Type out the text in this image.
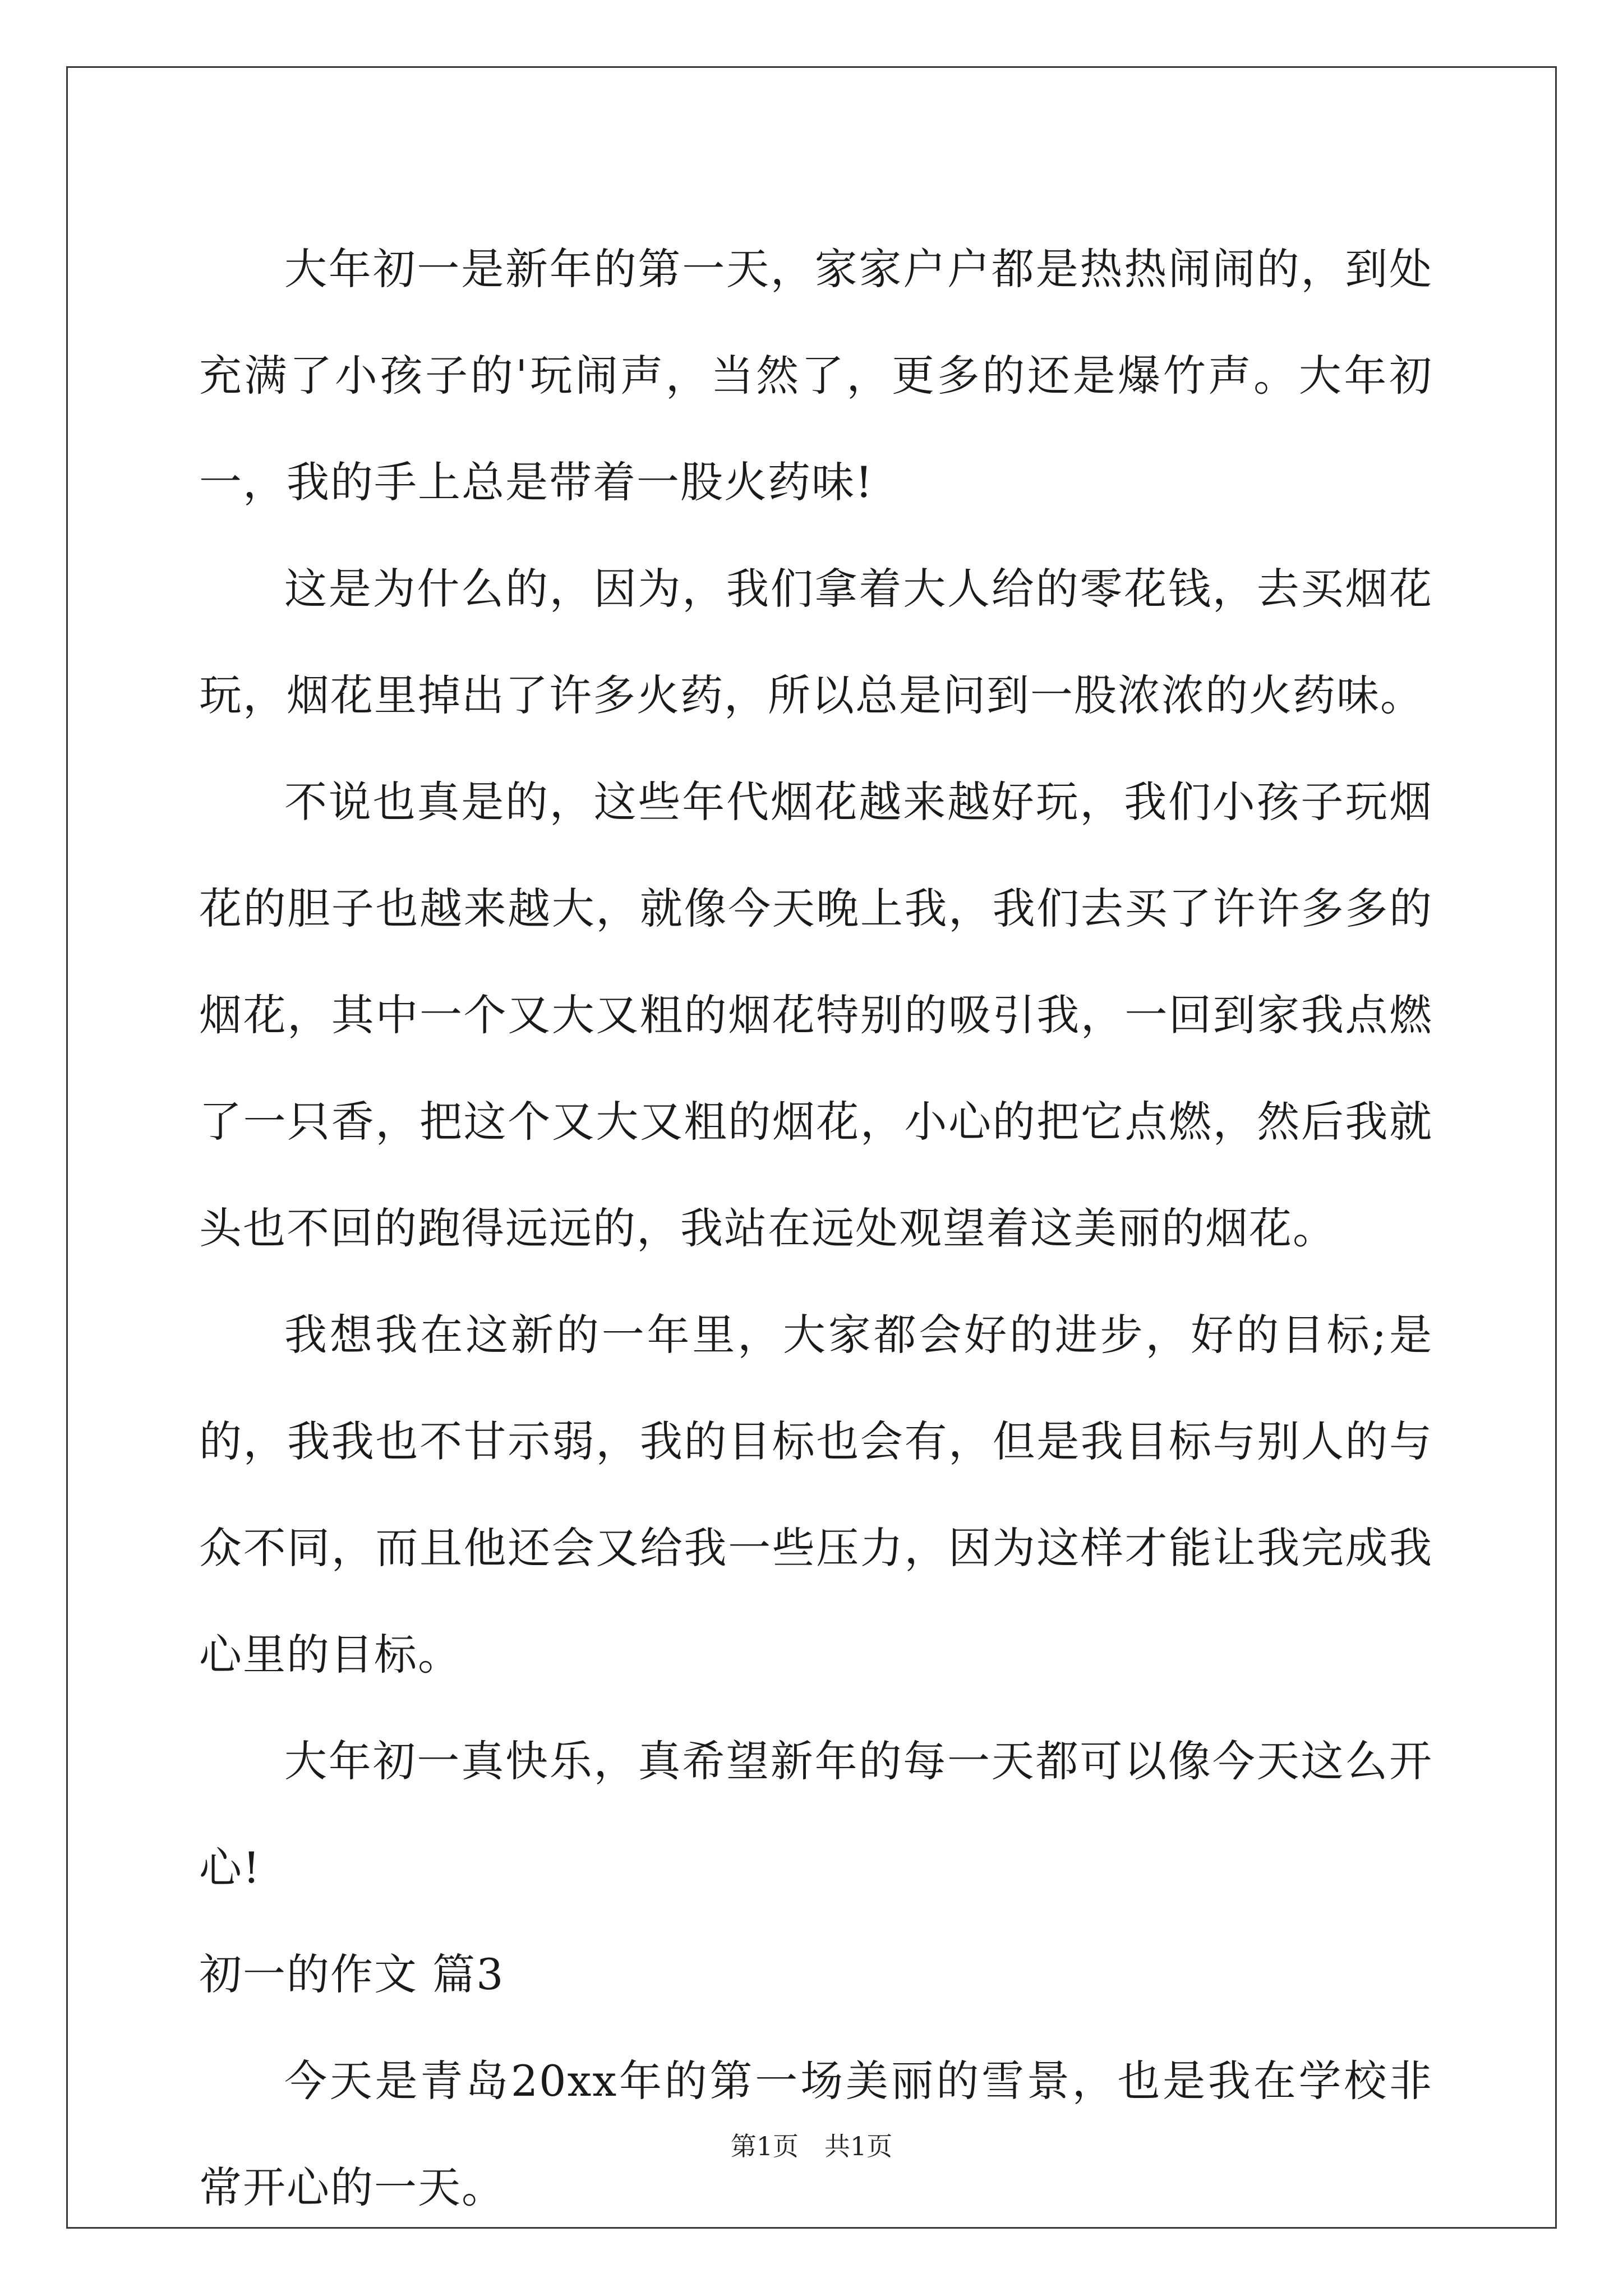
大年初一是新年的第一天，家家户户都是热热闹闹的，到处充满了小孩子的'玩闹声，当然了，更多的还是爆竹声。大年初一，我的手上总是带着一股火药味!

这是为什么的，因为，我们拿着大人给的零花钱，去买烟花玩，烟花里掉出了许多火药，所以总是问到一股浓浓的火药味。

不说也真是的，这些年代烟花越来越好玩，我们小孩子玩烟花的胆子也越来越大，就像今天晚上我，我们去买了许许多多的烟花，其中一个又大又粗的烟花特别的吸引我，一回到家我点燃了一只香，把这个又大又粗的烟花，小心的把它点燃，然后我就头也不回的跑得远远的，我站在远处观望着这美丽的烟花。

我想我在这新的一年里，大家都会好的进步，好的目标;是的，我我也不甘示弱，我的目标也会有，但是我目标与别人的与众不同，而且他还会又给我一些压力，因为这样才能让我完成我心里的目标。

大年初一真快乐，真希望新年的每一天都可以像今天这么开心!

初一的作文 篇3

今天是青岛20xx年的第一场美丽的雪景，也是我在学校非常开心的一天。

第1页　共1页
